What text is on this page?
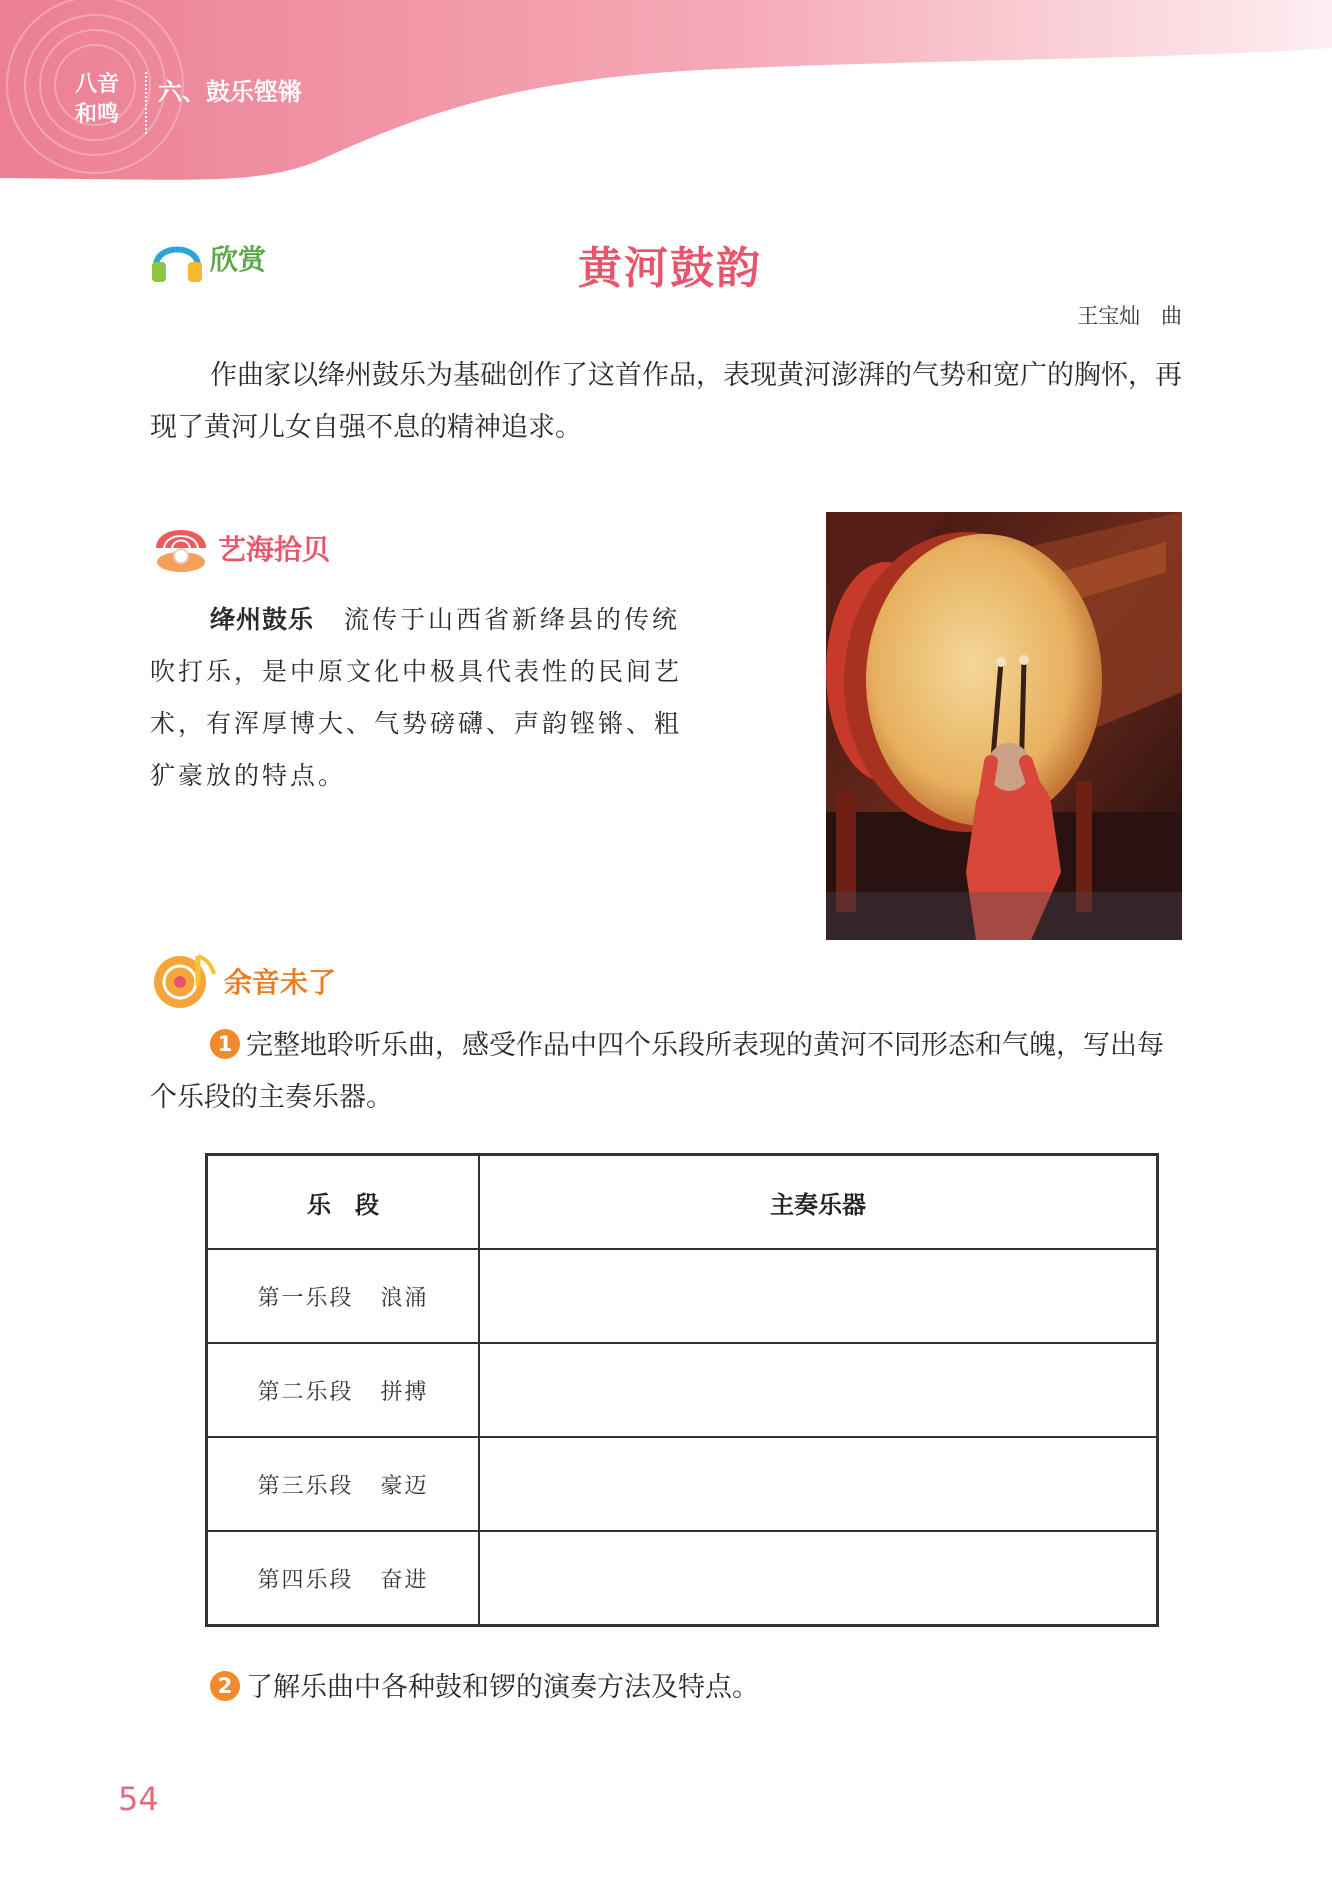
八音
和鸣
六、鼓乐铿锵
欣赏	黄河鼓韵
王宝灿 曲

作曲家以绛州鼓乐为基础创作了这首作品，表现黄河澎湃的气势和宽广的胸怀，再现了黄河儿女自强不息的精神追求。

艺海拾贝

绛州鼓乐 流传于山西省新绛县的传统吹打乐，是中原文化中极具代表性的民间艺术，有浑厚博大、气势磅礴、声韵铿锵、粗犷豪放的特点。

余音未了

1 完整地聆听乐曲，感受作品中四个乐段所表现的黄河不同形态和气魄，写出每个乐段的主奏乐器。

乐　段	主奏乐器
第一乐段 浪涌	
第二乐段 拼搏	
第三乐段 豪迈	
第四乐段 奋进	

2 了解乐曲中各种鼓和锣的演奏方法及特点。

54
